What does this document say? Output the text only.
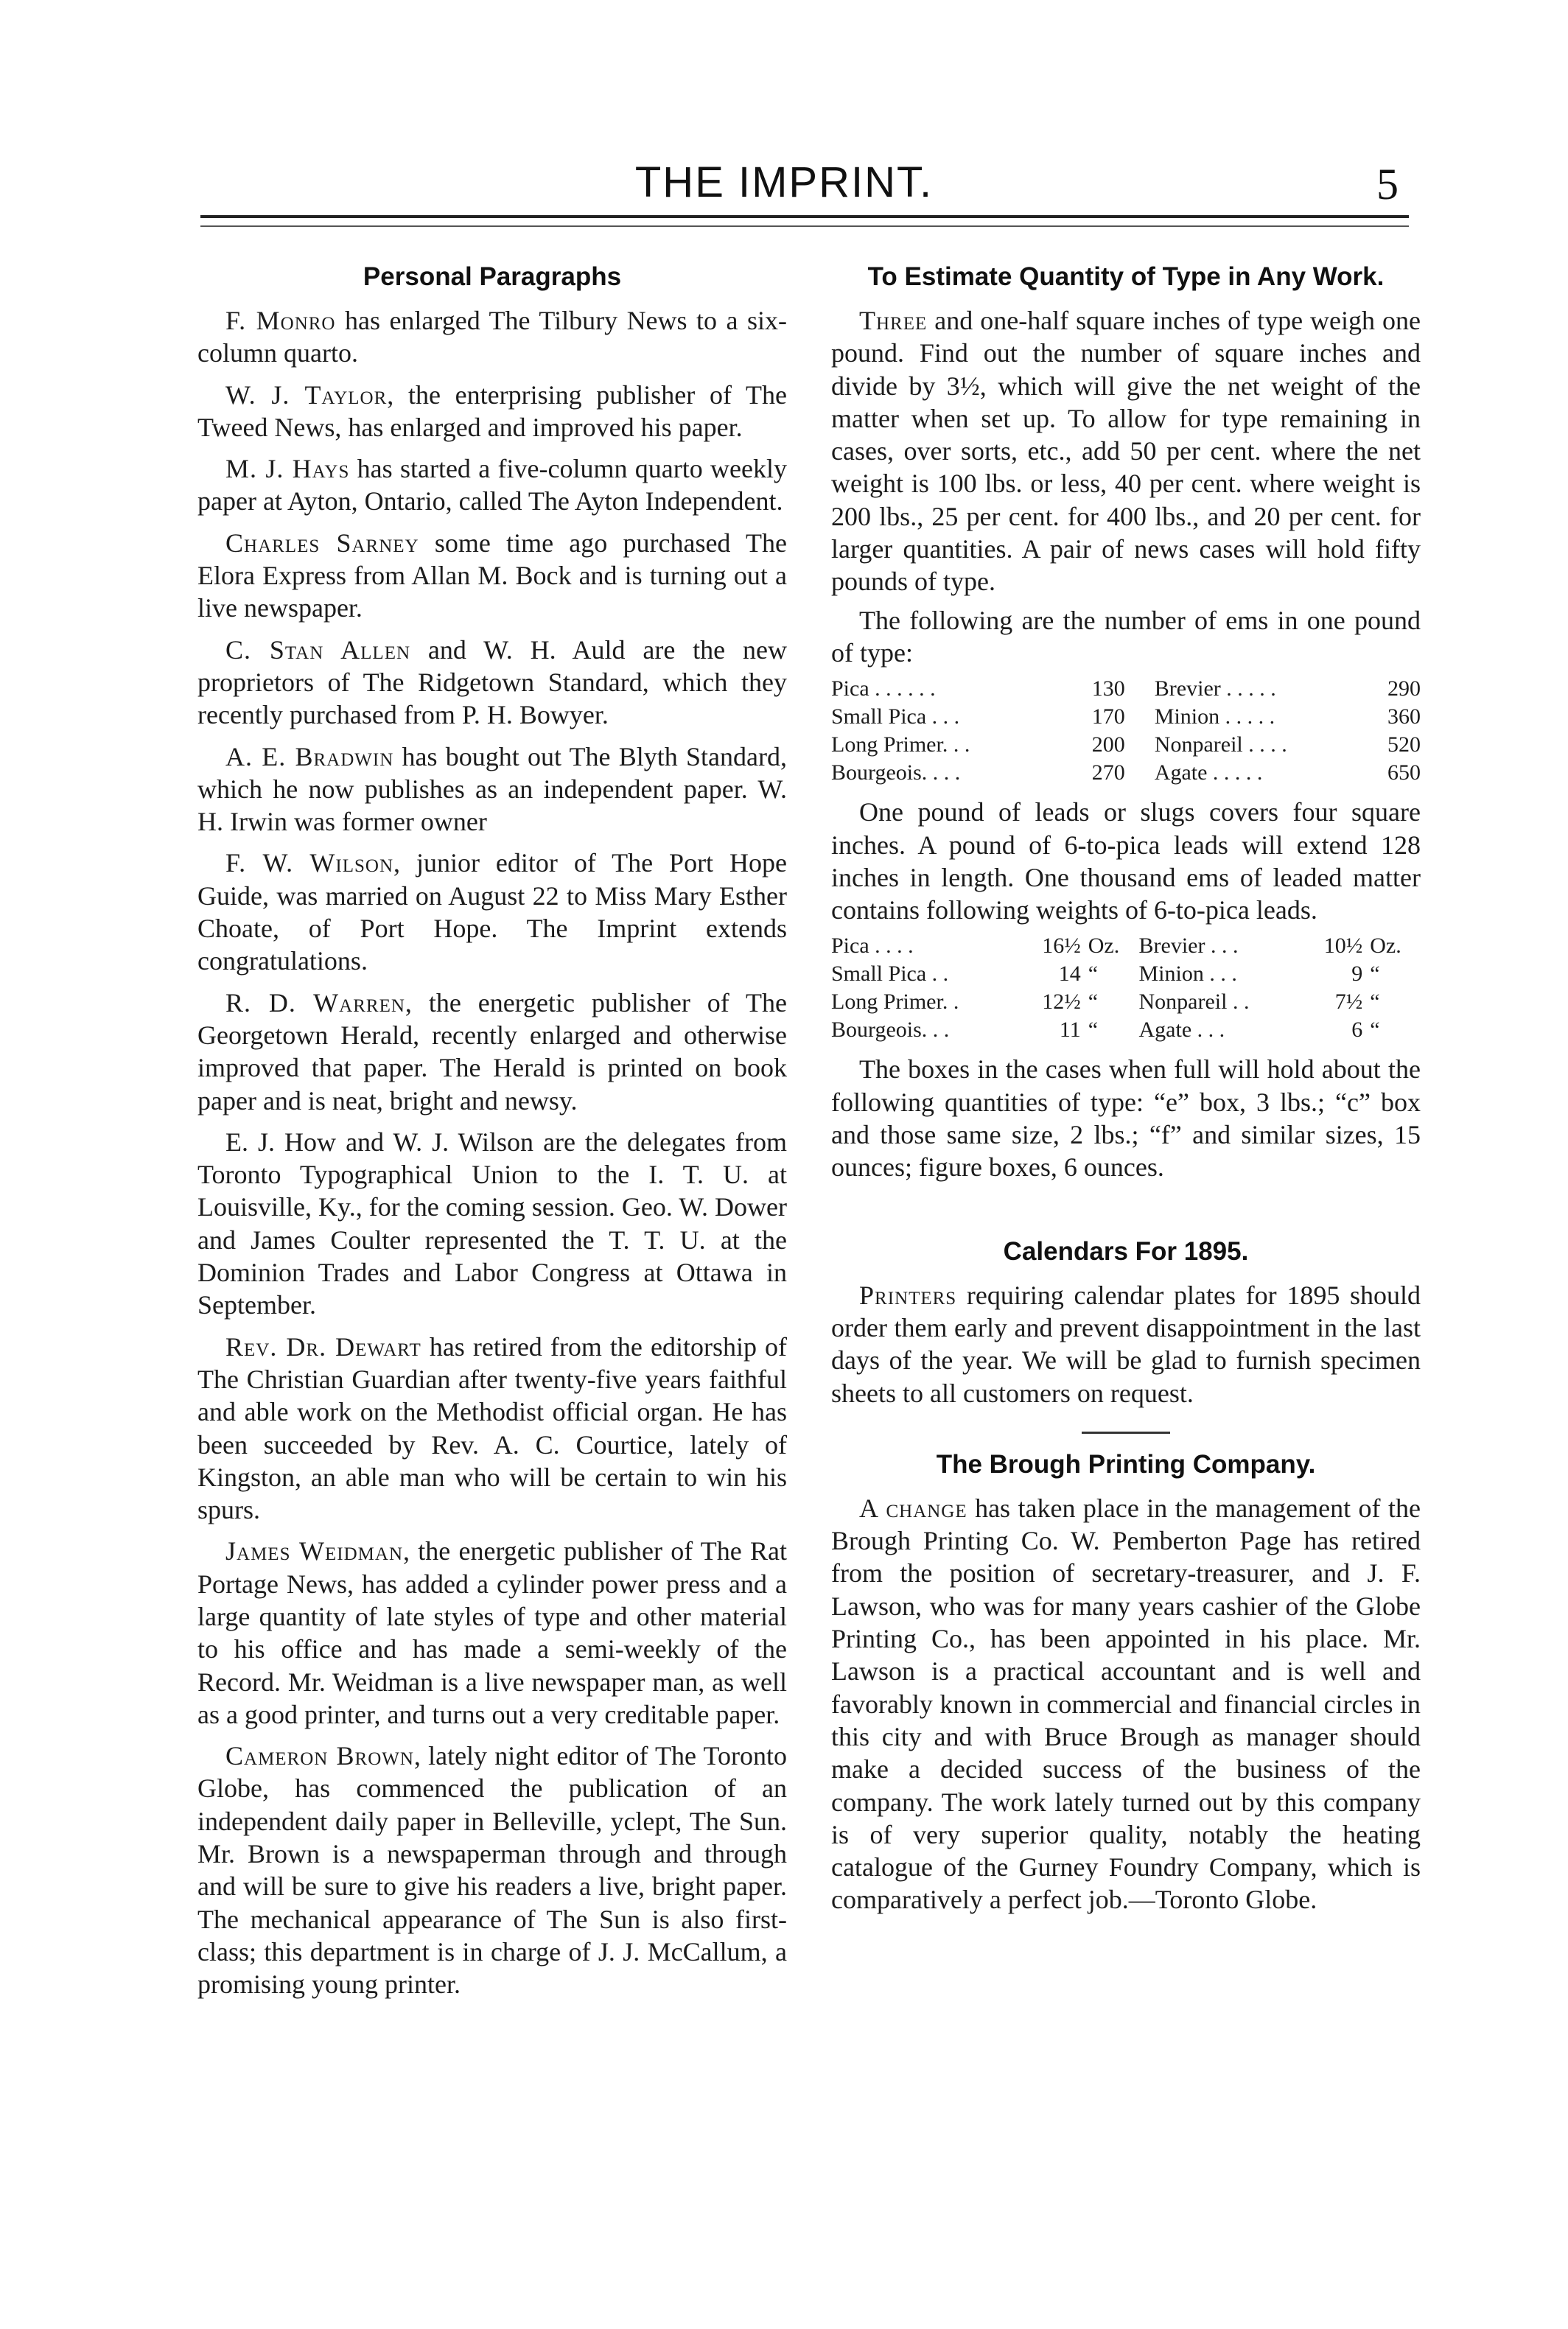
THE IMPRINT.	5
Personal Paragraphs

F. Monro has enlarged The Tilbury News to a six-column quarto.

W. J. Taylor, the enterprising publisher of The Tweed News, has enlarged and improved his paper.

M. J. Hays has started a five-column quarto weekly paper at Ayton, Ontario, called The Ayton Independent.

Charles Sarney some time ago purchased The Elora Express from Allan M. Bock and is turning out a live newspaper.

C. Stan Allen and W. H. Auld are the new proprietors of The Ridgetown Standard, which they recently purchased from P. H. Bowyer.

A. E. Bradwin has bought out The Blyth Standard, which he now publishes as an independent paper. W. H. Irwin was former owner

F. W. Wilson, junior editor of The Port Hope Guide, was married on August 22 to Miss Mary Esther Choate, of Port Hope. The Imprint extends congratulations.

R. D. Warren, the energetic publisher of The Georgetown Herald, recently enlarged and otherwise improved that paper. The Herald is printed on book paper and is neat, bright and newsy.

E. J. How and W. J. Wilson are the delegates from Toronto Typographical Union to the I. T. U. at Louisville, Ky., for the coming session. Geo. W. Dower and James Coulter represented the T. T. U. at the Dominion Trades and Labor Congress at Ottawa in September.

Rev. Dr. Dewart has retired from the editorship of The Christian Guardian after twenty-five years faithful and able work on the Methodist official organ. He has been succeeded by Rev. A. C. Courtice, lately of Kingston, an able man who will be certain to win his spurs.

James Weidman, the energetic publisher of The Rat Portage News, has added a cylinder power press and a large quantity of late styles of type and other material to his office and has made a semi-weekly of the Record. Mr. Weidman is a live newspaper man, as well as a good printer, and turns out a very creditable paper.

Cameron Brown, lately night editor of The Toronto Globe, has commenced the publication of an independent daily paper in Belleville, yclept, The Sun. Mr. Brown is a newspaperman through and through and will be sure to give his readers a live, bright paper. The mechanical appearance of The Sun is also first-class; this department is in charge of J. J. McCallum, a promising young printer.

To Estimate Quantity of Type in Any Work.

Three and one-half square inches of type weigh one pound. Find out the number of square inches and divide by 3½, which will give the net weight of the matter when set up. To allow for type remaining in cases, over sorts, etc., add 50 per cent. where the net weight is 100 lbs. or less, 40 per cent. where weight is 200 lbs., 25 per cent. for 400 lbs., and 20 per cent. for larger quantities. A pair of news cases will hold fifty pounds of type.

The following are the number of ems in one pound of type:

Pica . . . . . .	130	Brevier . . . . .	290
Small Pica . . .	170	Minion . . . . .	360
Long Primer. . .	200	Nonpareil . . . .	520
Bourgeois. . . .	270	Agate . . . . .	650

One pound of leads or slugs covers four square inches. A pound of 6-to-pica leads will extend 128 inches in length. One thousand ems of leaded matter contains following weights of 6-to-pica leads.

Pica . . . .	16½	Oz.	Brevier . . .	10½	Oz.
Small Pica . .	14	“	Minion . . .	9	“
Long Primer. .	12½	“	Nonpareil . .	7½	“
Bourgeois. . .	11	“	Agate . . .	6	“

The boxes in the cases when full will hold about the following quantities of type: “e” box, 3 lbs.; “c” box and those same size, 2 lbs.; “f” and similar sizes, 15 ounces; figure boxes, 6 ounces.

Calendars For 1895.

Printers requiring calendar plates for 1895 should order them early and prevent disappointment in the last days of the year. We will be glad to furnish specimen sheets to all customers on request.

The Brough Printing Company.

A change has taken place in the management of the Brough Printing Co. W. Pemberton Page has retired from the position of secretary-treasurer, and J. F. Lawson, who was for many years cashier of the Globe Printing Co., has been appointed in his place. Mr. Lawson is a practical accountant and is well and favorably known in commercial and financial circles in this city and with Bruce Brough as manager should make a decided success of the business of the company. The work lately turned out by this company is of very superior quality, notably the heating catalogue of the Gurney Foundry Company, which is comparatively a perfect job.—Toronto Globe.
